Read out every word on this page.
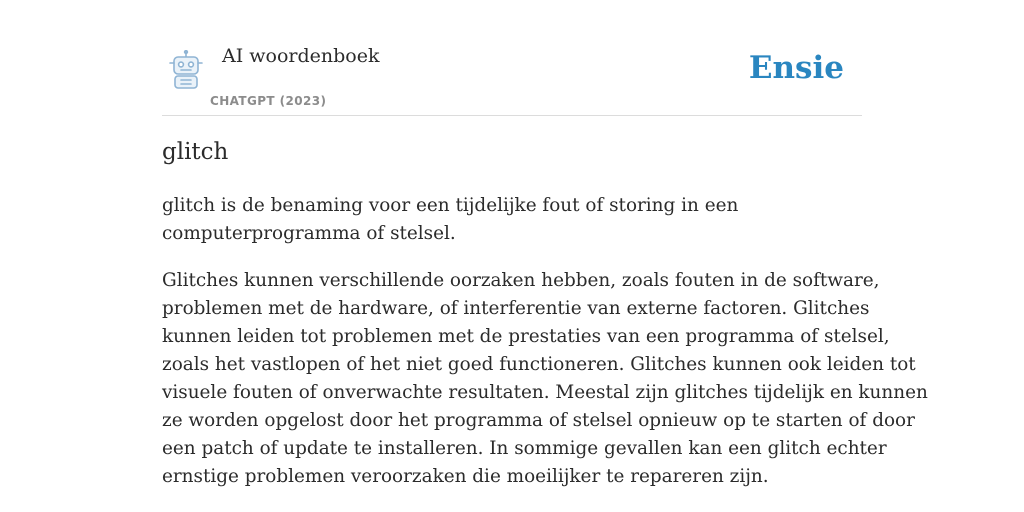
AI woordenboek
CHATGPT (2023)
Ensie
glitch

glitch is de benaming voor een tijdelijke fout of storing in een
computerprogramma of stelsel.

Glitches kunnen verschillende oorzaken hebben, zoals fouten in de software,
problemen met de hardware, of interferentie van externe factoren. Glitches
kunnen leiden tot problemen met de prestaties van een programma of stelsel,
zoals het vastlopen of het niet goed functioneren. Glitches kunnen ook leiden tot
visuele fouten of onverwachte resultaten. Meestal zijn glitches tijdelijk en kunnen
ze worden opgelost door het programma of stelsel opnieuw op te starten of door
een patch of update te installeren. In sommige gevallen kan een glitch echter
ernstige problemen veroorzaken die moeilijker te repareren zijn.
